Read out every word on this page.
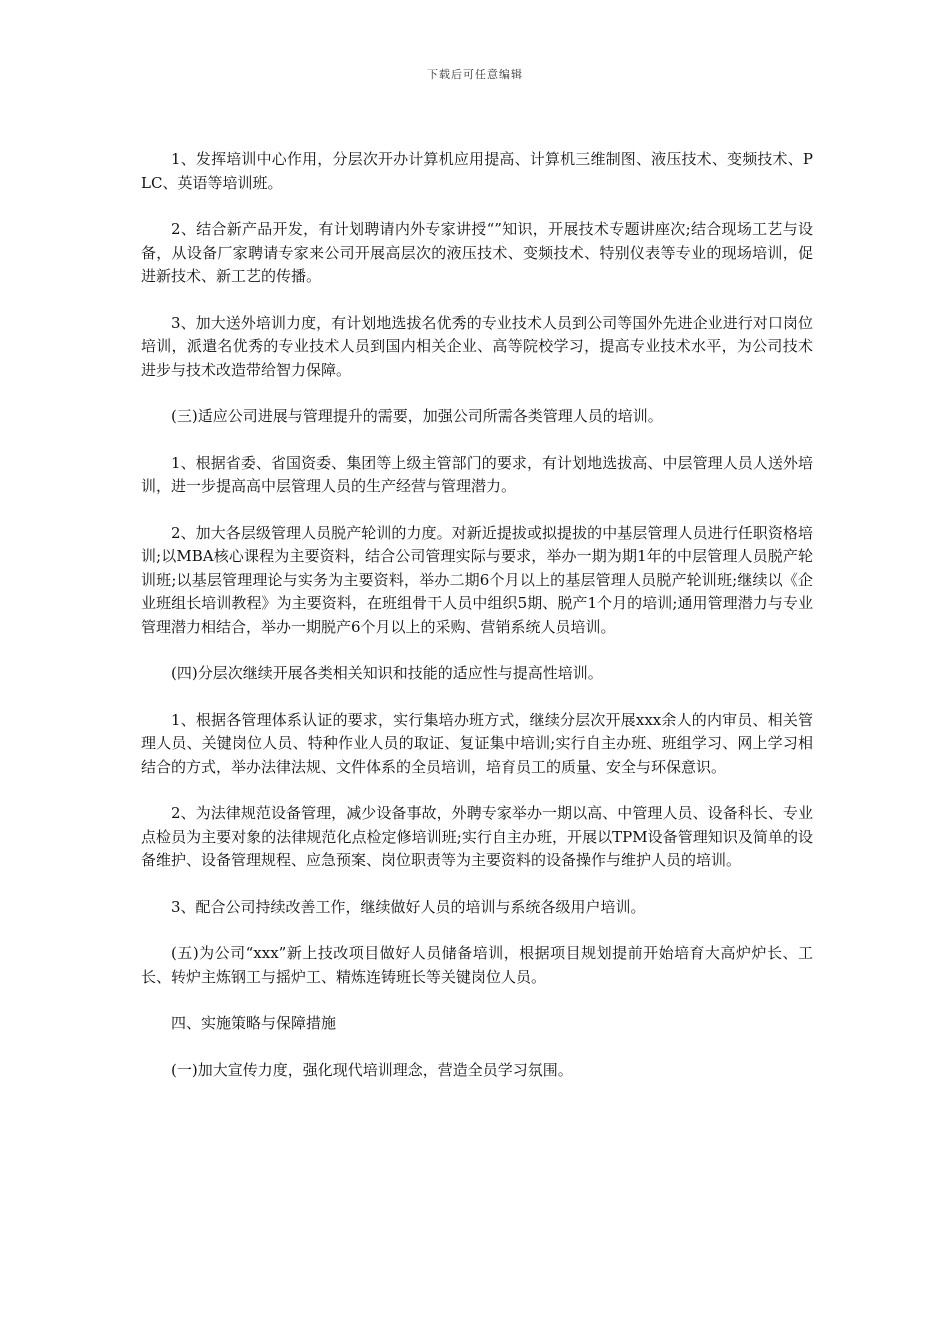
下载后可任意编辑

1、发挥培训中心作用，分层次开办计算机应用提高、计算机三维制图、液压技术、变频技术、PLC、英语等培训班。

2、结合新产品开发，有计划聘请内外专家讲授“”知识，开展技术专题讲座次;结合现场工艺与设备，从设备厂家聘请专家来公司开展高层次的液压技术、变频技术、特别仪表等专业的现场培训，促进新技术、新工艺的传播。

3、加大送外培训力度，有计划地选拔名优秀的专业技术人员到公司等国外先进企业进行对口岗位培训，派遣名优秀的专业技术人员到国内相关企业、高等院校学习，提高专业技术水平，为公司技术进步与技术改造带给智力保障。

(三)适应公司进展与管理提升的需要，加强公司所需各类管理人员的培训。

1、根据省委、省国资委、集团等上级主管部门的要求，有计划地选拔高、中层管理人员人送外培训，进一步提高高中层管理人员的生产经营与管理潜力。

2、加大各层级管理人员脱产轮训的力度。对新近提拔或拟提拔的中基层管理人员进行任职资格培训;以MBA核心课程为主要资料，结合公司管理实际与要求，举办一期为期1年的中层管理人员脱产轮训班;以基层管理理论与实务为主要资料，举办二期6个月以上的基层管理人员脱产轮训班;继续以《企业班组长培训教程》为主要资料，在班组骨干人员中组织5期、脱产1个月的培训;通用管理潜力与专业管理潜力相结合，举办一期脱产6个月以上的采购、营销系统人员培训。

(四)分层次继续开展各类相关知识和技能的适应性与提高性培训。

1、根据各管理体系认证的要求，实行集培办班方式，继续分层次开展xxx余人的内审员、相关管理人员、关键岗位人员、特种作业人员的取证、复证集中培训;实行自主办班、班组学习、网上学习相结合的方式，举办法律法规、文件体系的全员培训，培育员工的质量、安全与环保意识。

2、为法律规范设备管理，减少设备事故，外聘专家举办一期以高、中管理人员、设备科长、专业点检员为主要对象的法律规范化点检定修培训班;实行自主办班，开展以TPM设备管理知识及简单的设备维护、设备管理规程、应急预案、岗位职责等为主要资料的设备操作与维护人员的培训。

3、配合公司持续改善工作，继续做好人员的培训与系统各级用户培训。

(五)为公司“xxx”新上技改项目做好人员储备培训，根据项目规划提前开始培育大高炉炉长、工长、转炉主炼钢工与摇炉工、精炼连铸班长等关键岗位人员。

四、实施策略与保障措施

(一)加大宣传力度，强化现代培训理念，营造全员学习氛围。
